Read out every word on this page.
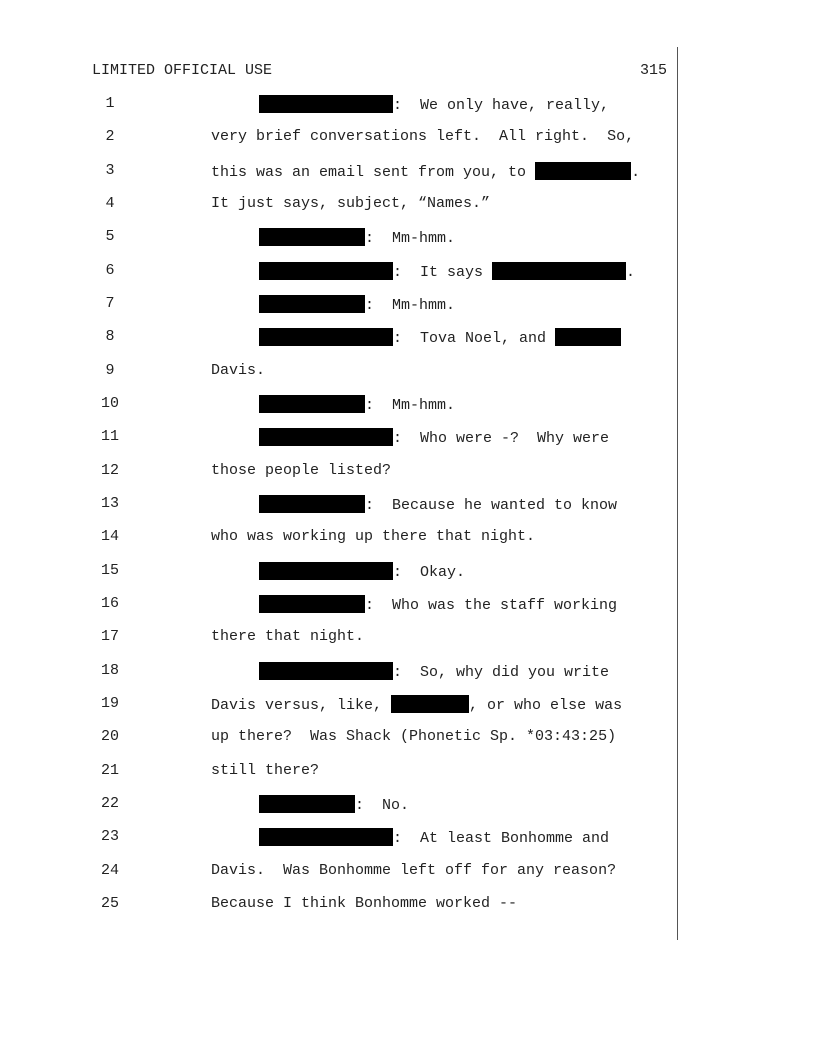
LIMITED OFFICIAL USE	315
1	:  We only have, really,
2	very brief conversations left.  All right.  So,
3	this was an email sent from you, to	.
4	It just says, subject, “Names.”
5	:  Mm-hmm.
6	:  It says	.
7	:  Mm-hmm.
8	:  Tova Noel, and
9	Davis.
10	:  Mm-hmm.
11	:  Who were -?  Why were
12	those people listed?
13	:  Because he wanted to know
14	who was working up there that night.
15	:  Okay.
16	:  Who was the staff working
17	there that night.
18	:  So, why did you write
19	Davis versus, like,	, or who else was
20	up there?  Was Shack (Phonetic Sp. *03:43:25)
21	still there?
22	:  No.
23	:  At least Bonhomme and
24	Davis.  Was Bonhomme left off for any reason?
25	Because I think Bonhomme worked --
